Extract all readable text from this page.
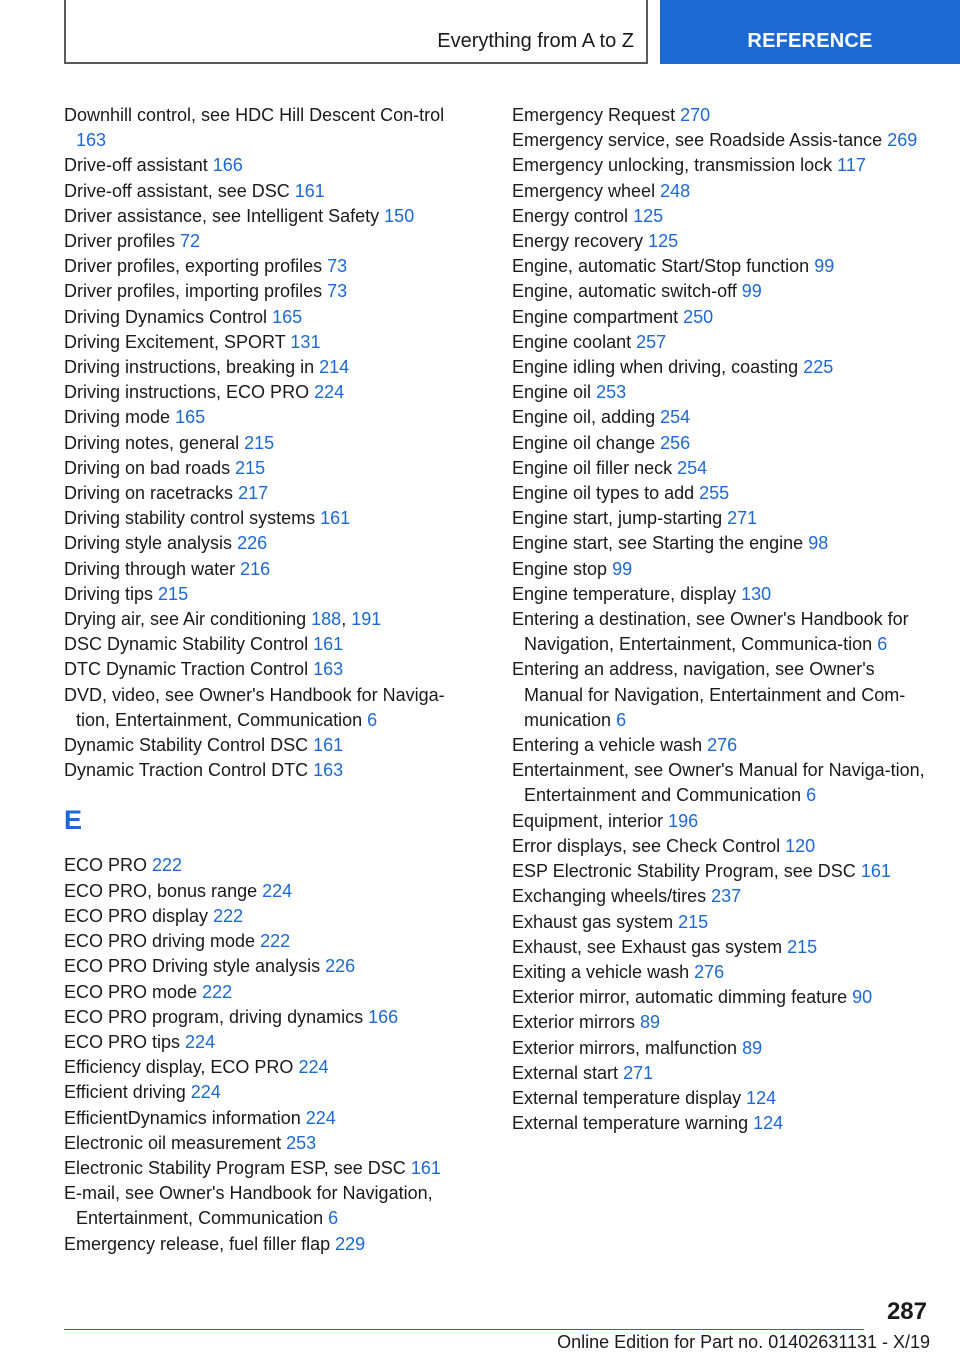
Everything from A to Z	REFERENCE
Downhill control, see HDC Hill Descent Con-trol 163
Drive-off assistant 166
Drive-off assistant, see DSC 161
Driver assistance, see Intelligent Safety 150
Driver profiles 72
Driver profiles, exporting profiles 73
Driver profiles, importing profiles 73
Driving Dynamics Control 165
Driving Excitement, SPORT 131
Driving instructions, breaking in 214
Driving instructions, ECO PRO 224
Driving mode 165
Driving notes, general 215
Driving on bad roads 215
Driving on racetracks 217
Driving stability control systems 161
Driving style analysis 226
Driving through water 216
Driving tips 215
Drying air, see Air conditioning 188, 191
DSC Dynamic Stability Control 161
DTC Dynamic Traction Control 163
DVD, video, see Owner's Handbook for Naviga-tion, Entertainment, Communication 6
Dynamic Stability Control DSC 161
Dynamic Traction Control DTC 163
E
ECO PRO 222
ECO PRO, bonus range 224
ECO PRO display 222
ECO PRO driving mode 222
ECO PRO Driving style analysis 226
ECO PRO mode 222
ECO PRO program, driving dynamics 166
ECO PRO tips 224
Efficiency display, ECO PRO 224
Efficient driving 224
EfficientDynamics information 224
Electronic oil measurement 253
Electronic Stability Program ESP, see DSC 161
E-mail, see Owner's Handbook for Navigation, Entertainment, Communication 6
Emergency release, fuel filler flap 229
Emergency Request 270
Emergency service, see Roadside Assis-tance 269
Emergency unlocking, transmission lock 117
Emergency wheel 248
Energy control 125
Energy recovery 125
Engine, automatic Start/Stop function 99
Engine, automatic switch-off 99
Engine compartment 250
Engine coolant 257
Engine idling when driving, coasting 225
Engine oil 253
Engine oil, adding 254
Engine oil change 256
Engine oil filler neck 254
Engine oil types to add 255
Engine start, jump-starting 271
Engine start, see Starting the engine 98
Engine stop 99
Engine temperature, display 130
Entering a destination, see Owner's Handbook for Navigation, Entertainment, Communica-tion 6
Entering an address, navigation, see Owner's Manual for Navigation, Entertainment and Com-munication 6
Entering a vehicle wash 276
Entertainment, see Owner's Manual for Naviga-tion, Entertainment and Communication 6
Equipment, interior 196
Error displays, see Check Control 120
ESP Electronic Stability Program, see DSC 161
Exchanging wheels/tires 237
Exhaust gas system 215
Exhaust, see Exhaust gas system 215
Exiting a vehicle wash 276
Exterior mirror, automatic dimming feature 90
Exterior mirrors 89
Exterior mirrors, malfunction 89
External start 271
External temperature display 124
External temperature warning 124
287
Online Edition for Part no. 01402631131 - X/19
